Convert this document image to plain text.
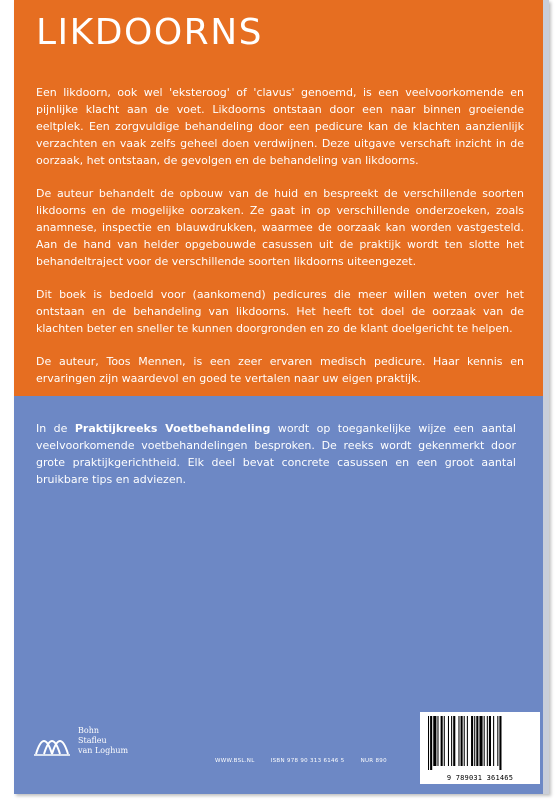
LIKDOORNS

Een likdoorn, ook wel 'eksteroog' of 'clavus' genoemd, is een veelvoorkomende en pijnlijke klacht aan de voet. Likdoorns ontstaan door een naar binnen groeiende eeltplek. Een zorgvuldige behandeling door een pedicure kan de klachten aanzienlijk verzachten en vaak zelfs geheel doen verdwijnen. Deze uitgave verschaft inzicht in de oorzaak, het ontstaan, de gevolgen en de behandeling van likdoorns.

De auteur behandelt de opbouw van de huid en bespreekt de verschillende soorten likdoorns en de mogelijke oorzaken. Ze gaat in op verschillende onderzoeken, zoals anamnese, inspectie en blauwdrukken, waarmee de oorzaak kan worden vastgesteld. Aan de hand van helder opgebouwde casussen uit de praktijk wordt ten slotte het behandeltraject voor de verschillende soorten likdoorns uiteengezet.

Dit boek is bedoeld voor (aankomend) pedicures die meer willen weten over het ontstaan en de behandeling van likdoorns. Het heeft tot doel de oorzaak van de klachten beter en sneller te kunnen doorgronden en zo de klant doelgericht te helpen.

De auteur, Toos Mennen, is een zeer ervaren medisch pedicure. Haar kennis en ervaringen zijn waardevol en goed te vertalen naar uw eigen praktijk.

In de Praktijkreeks Voetbehandeling wordt op toegankelijke wijze een aantal veelvoorkomende voetbehandelingen besproken. De reeks wordt gekenmerkt door grote praktijkgerichtheid. Elk deel bevat concrete casussen en een groot aantal bruikbare tips en adviezen.

Bohn
Stafleu
van Loghum
WWW.BSL.NL	ISBN 978 90 313 6146 5	NUR 890
9 789031 361465
